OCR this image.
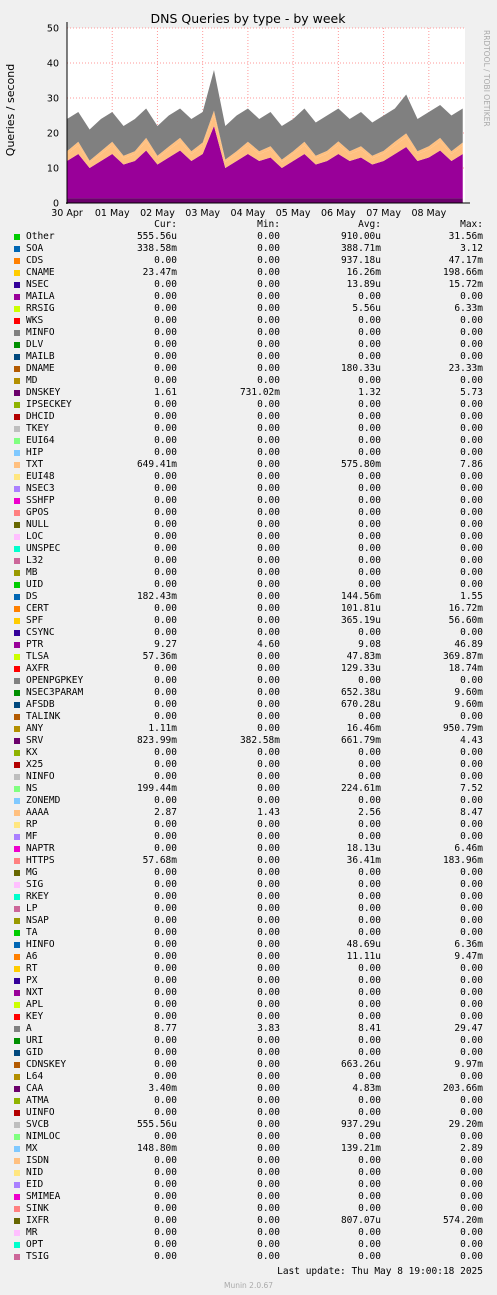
DNS Queries by type - by week
Queries / second	RRDTOOL / TOBI OETIKER
0
10
20
30
40
50
30 Apr 01 May 02 May 03 May 04 May 05 May 06 May 07 May 08 May
Cur:	Min:	Avg:	Max:
Other	555.56u	0.00	910.00u	31.56m
SOA	338.58m	0.00	388.71m	3.12
CDS	0.00	0.00	937.18u	47.17m
CNAME	23.47m	0.00	16.26m	198.66m
NSEC	0.00	0.00	13.89u	15.72m
MAILA	0.00	0.00	0.00	0.00
RRSIG	0.00	0.00	5.56u	6.33m
WKS	0.00	0.00	0.00	0.00
MINFO	0.00	0.00	0.00	0.00
DLV	0.00	0.00	0.00	0.00
MAILB	0.00	0.00	0.00	0.00
DNAME	0.00	0.00	180.33u	23.33m
MD	0.00	0.00	0.00	0.00
DNSKEY	1.61	731.02m	1.32	5.73
IPSECKEY	0.00	0.00	0.00	0.00
DHCID	0.00	0.00	0.00	0.00
TKEY	0.00	0.00	0.00	0.00
EUI64	0.00	0.00	0.00	0.00
HIP	0.00	0.00	0.00	0.00
TXT	649.41m	0.00	575.80m	7.86
EUI48	0.00	0.00	0.00	0.00
NSEC3	0.00	0.00	0.00	0.00
SSHFP	0.00	0.00	0.00	0.00
GPOS	0.00	0.00	0.00	0.00
NULL	0.00	0.00	0.00	0.00
LOC	0.00	0.00	0.00	0.00
UNSPEC	0.00	0.00	0.00	0.00
L32	0.00	0.00	0.00	0.00
MB	0.00	0.00	0.00	0.00
UID	0.00	0.00	0.00	0.00
DS	182.43m	0.00	144.56m	1.55
CERT	0.00	0.00	101.81u	16.72m
SPF	0.00	0.00	365.19u	56.60m
CSYNC	0.00	0.00	0.00	0.00
PTR	9.27	4.60	9.08	46.89
TLSA	57.36m	0.00	47.83m	369.87m
AXFR	0.00	0.00	129.33u	18.74m
OPENPGPKEY	0.00	0.00	0.00	0.00
NSEC3PARAM	0.00	0.00	652.38u	9.60m
AFSDB	0.00	0.00	670.28u	9.60m
TALINK	0.00	0.00	0.00	0.00
ANY	1.11m	0.00	16.46m	950.79m
SRV	823.99m	382.58m	661.79m	4.43
KX	0.00	0.00	0.00	0.00
X25	0.00	0.00	0.00	0.00
NINFO	0.00	0.00	0.00	0.00
NS	199.44m	0.00	224.61m	7.52
ZONEMD	0.00	0.00	0.00	0.00
AAAA	2.87	1.43	2.56	8.47
RP	0.00	0.00	0.00	0.00
MF	0.00	0.00	0.00	0.00
NAPTR	0.00	0.00	18.13u	6.46m
HTTPS	57.68m	0.00	36.41m	183.96m
MG	0.00	0.00	0.00	0.00
SIG	0.00	0.00	0.00	0.00
RKEY	0.00	0.00	0.00	0.00
LP	0.00	0.00	0.00	0.00
NSAP	0.00	0.00	0.00	0.00
TA	0.00	0.00	0.00	0.00
HINFO	0.00	0.00	48.69u	6.36m
A6	0.00	0.00	11.11u	9.47m
RT	0.00	0.00	0.00	0.00
PX	0.00	0.00	0.00	0.00
NXT	0.00	0.00	0.00	0.00
APL	0.00	0.00	0.00	0.00
KEY	0.00	0.00	0.00	0.00
A	8.77	3.83	8.41	29.47
URI	0.00	0.00	0.00	0.00
GID	0.00	0.00	0.00	0.00
CDNSKEY	0.00	0.00	663.26u	9.97m
L64	0.00	0.00	0.00	0.00
CAA	3.40m	0.00	4.83m	203.66m
ATMA	0.00	0.00	0.00	0.00
UINFO	0.00	0.00	0.00	0.00
SVCB	555.56u	0.00	937.29u	29.20m
NIMLOC	0.00	0.00	0.00	0.00
MX	148.80m	0.00	139.21m	2.89
ISDN	0.00	0.00	0.00	0.00
NID	0.00	0.00	0.00	0.00
EID	0.00	0.00	0.00	0.00
SMIMEA	0.00	0.00	0.00	0.00
SINK	0.00	0.00	0.00	0.00
IXFR	0.00	0.00	807.07u	574.20m
MR	0.00	0.00	0.00	0.00
OPT	0.00	0.00	0.00	0.00
TSIG	0.00	0.00	0.00	0.00
Last update: Thu May 8 19:00:18 2025
Munin 2.0.67
